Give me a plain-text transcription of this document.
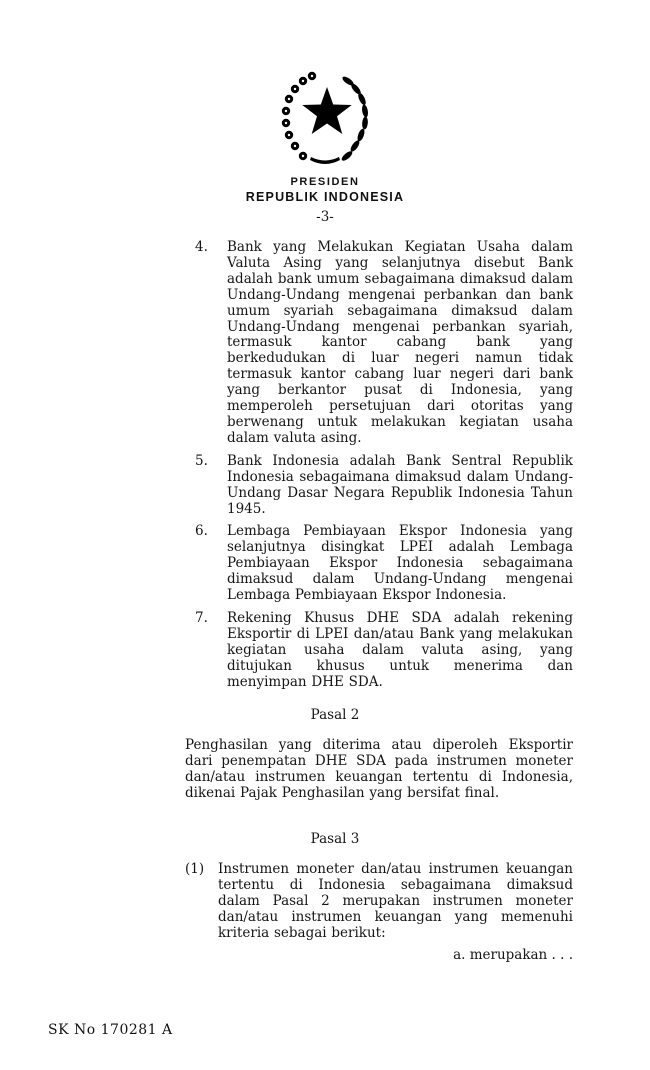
PRESIDEN
REPUBLIK INDONESIA
-3-
4.	Bank yang Melakukan Kegiatan Usaha dalam Valuta Asing yang selanjutnya disebut Bank adalah bank umum sebagaimana dimaksud dalam Undang-Undang mengenai perbankan dan bank umum syariah sebagaimana dimaksud dalam Undang-Undang mengenai perbankan syariah, termasuk kantor cabang bank yang berkedudukan di luar negeri namun tidak termasuk kantor cabang luar negeri dari bank yang berkantor pusat di Indonesia, yang memperoleh persetujuan dari otoritas yang berwenang untuk melakukan kegiatan usaha dalam valuta asing.
5.	Bank Indonesia adalah Bank Sentral Republik Indonesia sebagaimana dimaksud dalam Undang-Undang Dasar Negara Republik Indonesia Tahun 1945.
6.	Lembaga Pembiayaan Ekspor Indonesia yang selanjutnya disingkat LPEI adalah Lembaga Pembiayaan Ekspor Indonesia sebagaimana dimaksud dalam Undang-Undang mengenai Lembaga Pembiayaan Ekspor Indonesia.
7.	Rekening Khusus DHE SDA adalah rekening Eksportir di LPEI dan/atau Bank yang melakukan kegiatan usaha dalam valuta asing, yang ditujukan khusus untuk menerima dan menyimpan DHE SDA.
Pasal 2
Penghasilan yang diterima atau diperoleh Eksportir dari penempatan DHE SDA pada instrumen moneter dan/atau instrumen keuangan tertentu di Indonesia, dikenai Pajak Penghasilan yang bersifat final.
Pasal 3
(1)	Instrumen moneter dan/atau instrumen keuangan tertentu di Indonesia sebagaimana dimaksud dalam Pasal 2 merupakan instrumen moneter dan/atau instrumen keuangan yang memenuhi kriteria sebagai berikut:
a. merupakan . . .
SK No 170281 A
